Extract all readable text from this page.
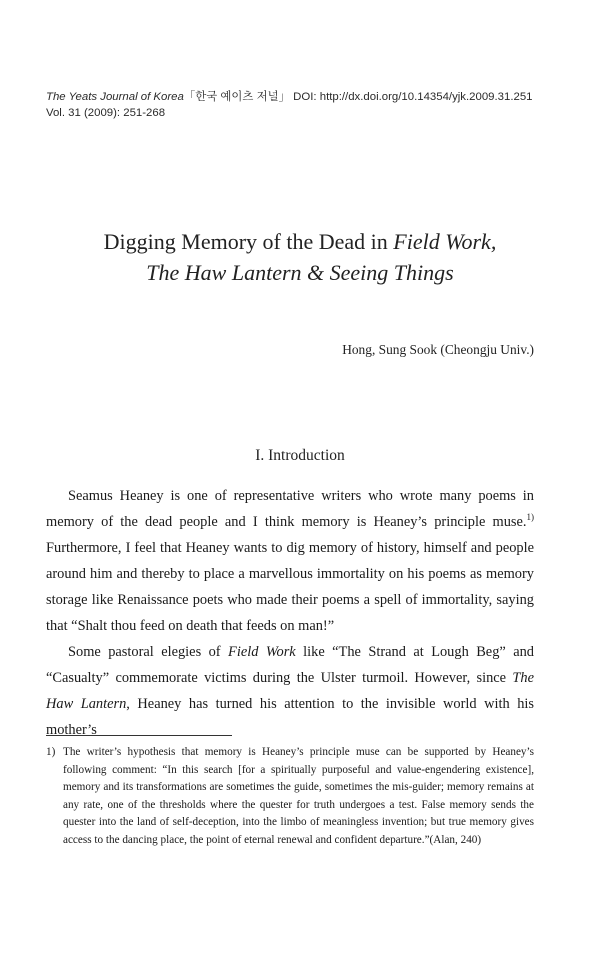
The Yeats Journal of Korea「한국 예이츠 저널」 DOI: http://dx.doi.org/10.14354/yjk.2009.31.251
Vol. 31 (2009): 251-268
Digging Memory of the Dead in Field Work,
The Haw Lantern & Seeing Things
Hong, Sung Sook (Cheongju Univ.)
I. Introduction

Seamus Heaney is one of representative writers who wrote many poems in memory of the dead people and I think memory is Heaney’s principle muse.$^{1)}$ Furthermore, I feel that Heaney wants to dig memory of history, himself and people around him and thereby to place a marvellous immortality on his poems as memory storage like Renaissance poets who made their poems a spell of immortality, saying that “Shalt thou feed on death that feeds on man!”

Some pastoral elegies of Field Work like “The Strand at Lough Beg” and “Casualty” commemorate victims during the Ulster turmoil. However, since The Haw Lantern, Heaney has turned his attention to the invisible world with his mother’s

1) The writer’s hypothesis that memory is Heaney’s principle muse can be supported by Heaney’s following comment: “In this search [for a spiritually purposeful and value-engendering existence], memory and its transformations are sometimes the guide, sometimes the mis-guider; memory remains at any rate, one of the thresholds where the quester for truth undergoes a test. False memory sends the quester into the land of self-deception, into the limbo of meaningless invention; but true memory gives access to the dancing place, the point of eternal renewal and confident departure.”(Alan, 240)
